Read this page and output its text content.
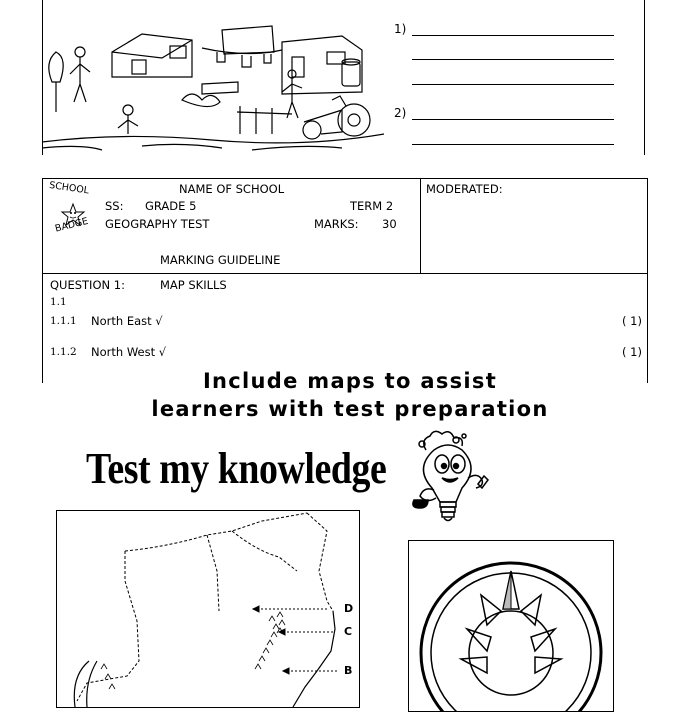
1)
2)
SCHOOL
BADGE
NAME OF SCHOOL
SS: GRADE 5	TERM 2
GEOGRAPHY TEST	MARKS: 30
MARKING GUIDELINE
MODERATED:
QUESTION 1:	MAP SKILLS
1.1
1.1.1 North East √	( 1)
1.1.2 North West √	( 1)
Include maps to assist
learners with test preparation
Test my knowledge
D
C
B
